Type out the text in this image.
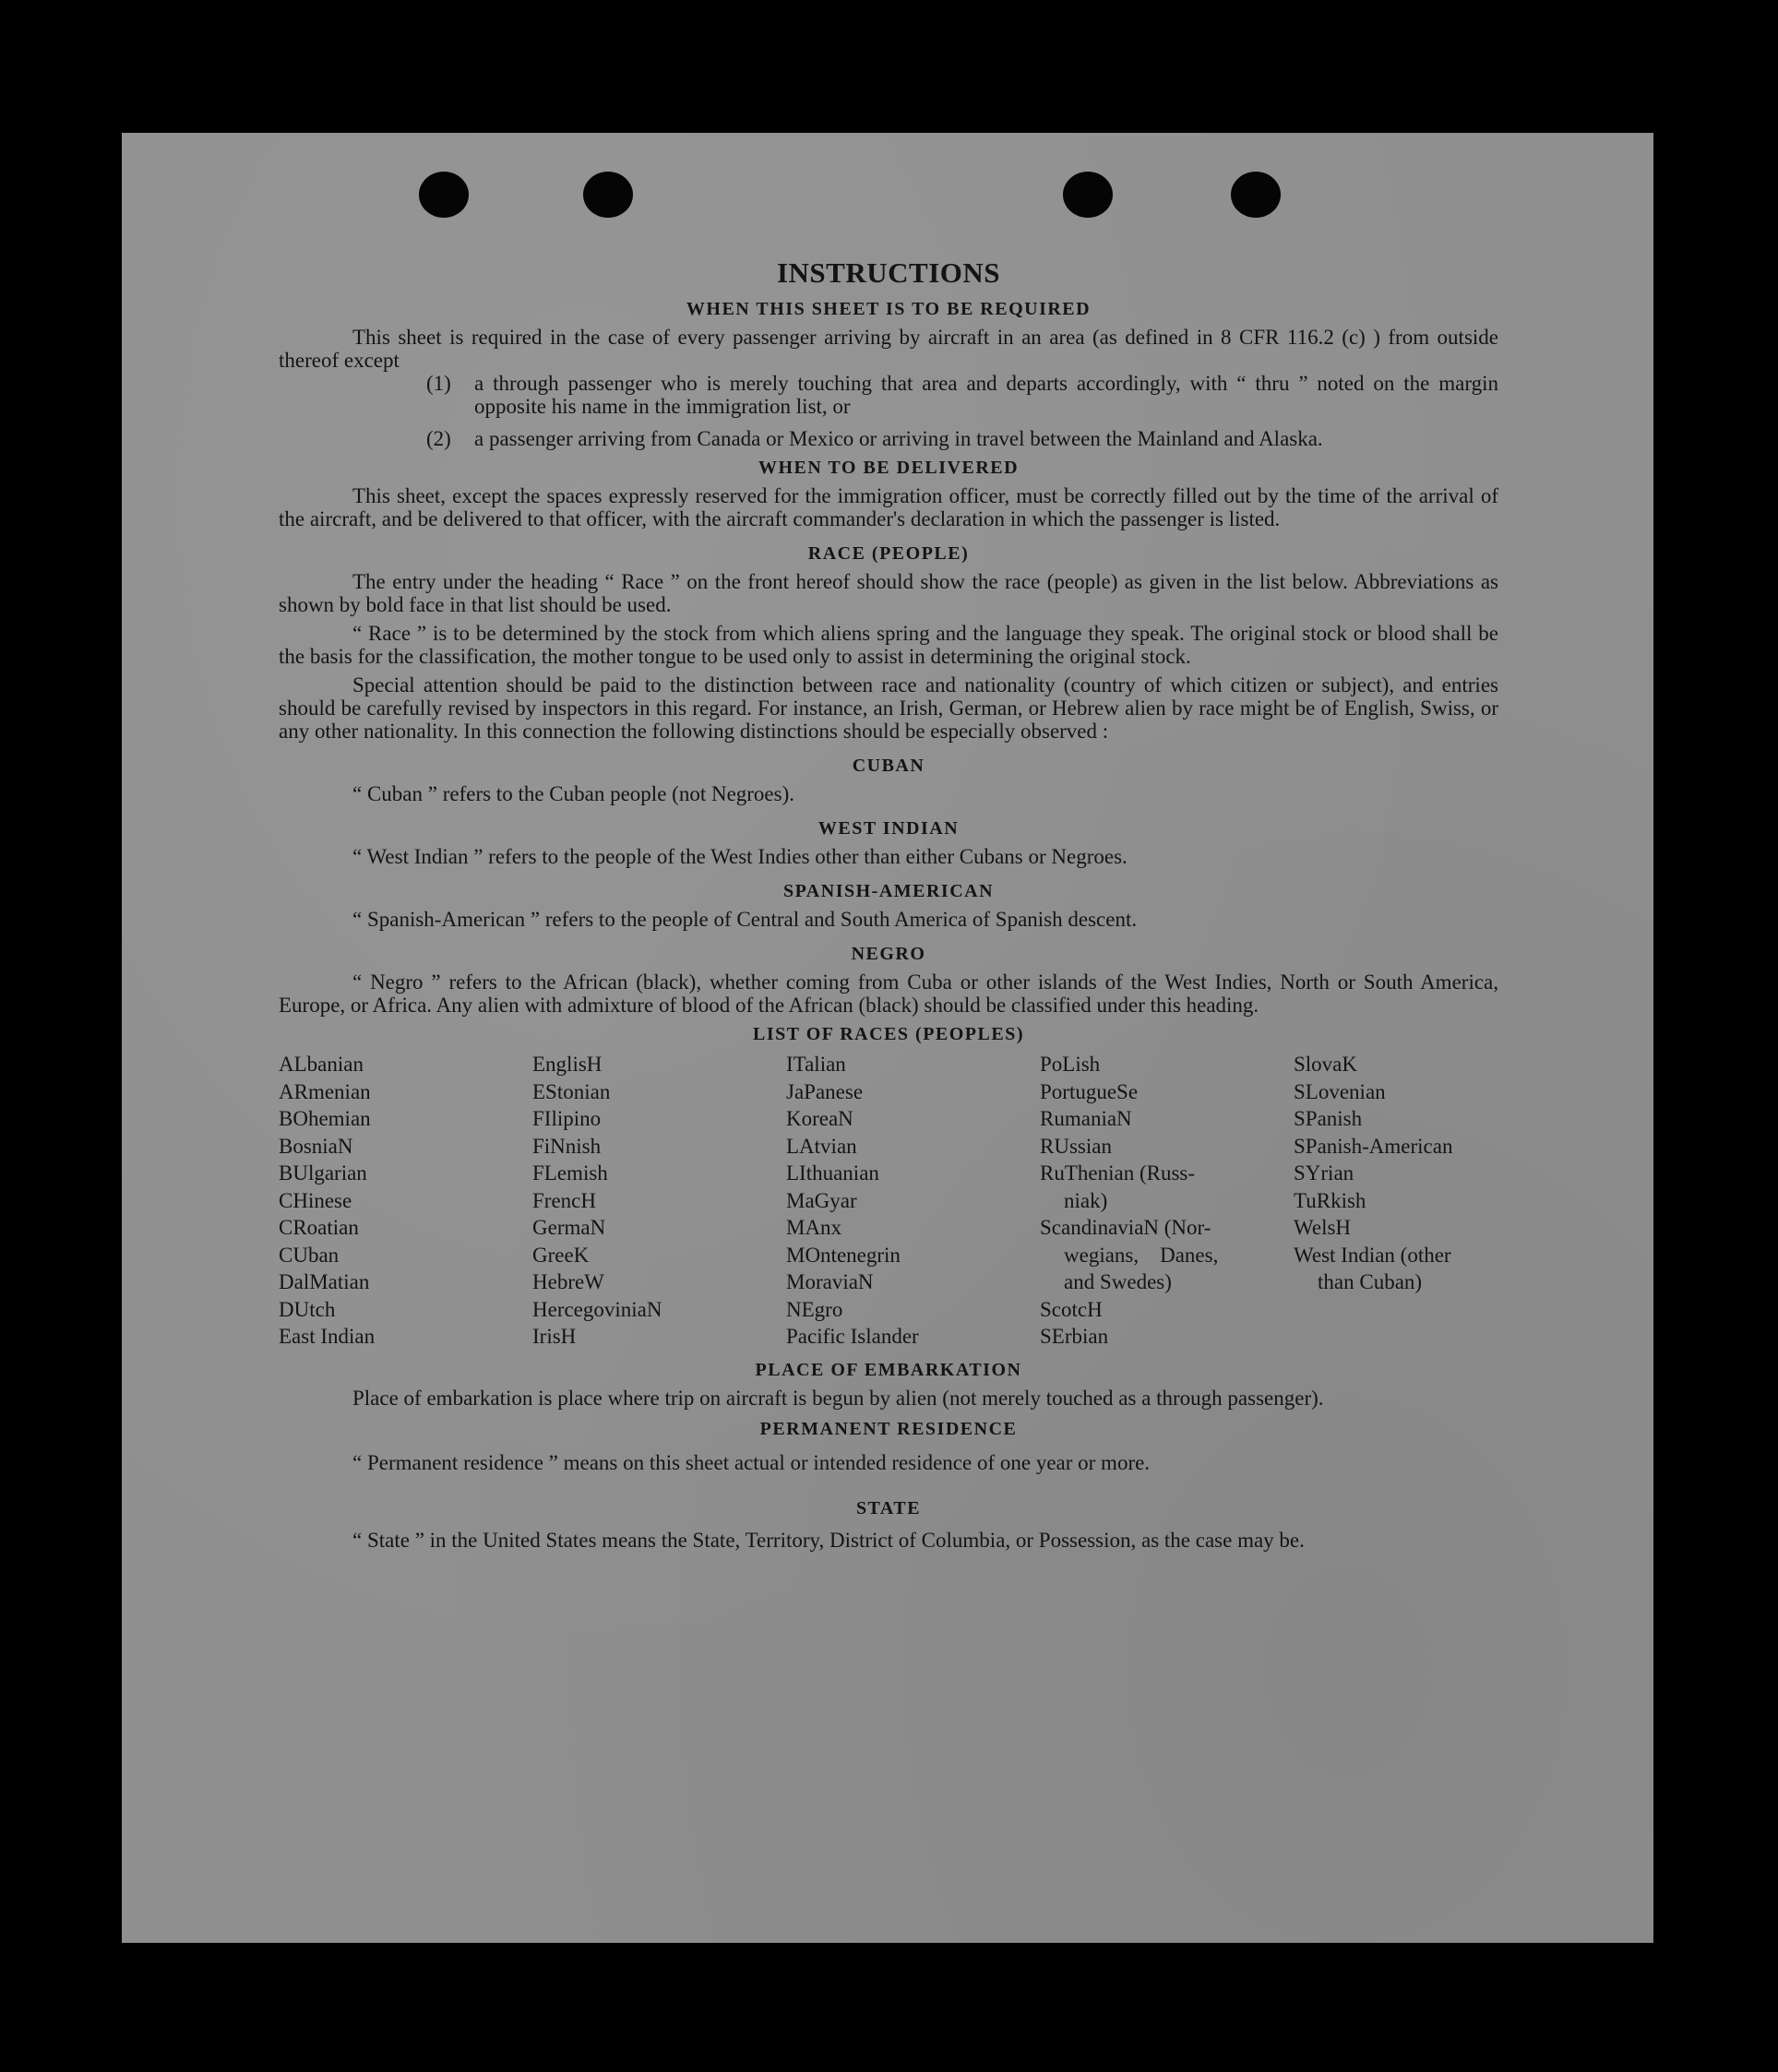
INSTRUCTIONS
WHEN THIS SHEET IS TO BE REQUIRED

This sheet is required in the case of every passenger arriving by aircraft in an area (as defined in 8 CFR 116.2 (c) ) from outside thereof except

(1)	a through passenger who is merely touching that area and departs accordingly, with “ thru ” noted on the margin opposite his name in the immigration list, or
(2)	a passenger arriving from Canada or Mexico or arriving in travel between the Mainland and Alaska.
WHEN TO BE DELIVERED

This sheet, except the spaces expressly reserved for the immigration officer, must be correctly filled out by the time of the arrival of the aircraft, and be delivered to that officer, with the aircraft commander's declaration in which the passenger is listed.

RACE (PEOPLE)

The entry under the heading “ Race ” on the front hereof should show the race (people) as given in the list below. Abbreviations as shown by bold face in that list should be used.

“ Race ” is to be determined by the stock from which aliens spring and the language they speak. The original stock or blood shall be the basis for the classification, the mother tongue to be used only to assist in determining the original stock.

Special attention should be paid to the distinction between race and nationality (country of which citizen or subject), and entries should be carefully revised by inspectors in this regard. For instance, an Irish, German, or Hebrew alien by race might be of English, Swiss, or any other nationality. In this connection the following distinctions should be especially observed :

CUBAN
“ Cuban ” refers to the Cuban people (not Negroes).
WEST INDIAN
“ West Indian ” refers to the people of the West Indies other than either Cubans or Negroes.
SPANISH-AMERICAN
“ Spanish-American ” refers to the people of Central and South America of Spanish descent.
NEGRO

“ Negro ” refers to the African (black), whether coming from Cuba or other islands of the West Indies, North or South America, Europe, or Africa. Any alien with admixture of blood of the African (black) should be classified under this heading.

LIST OF RACES (PEOPLES)
ALbanian
ARmenian
BOhemian
BosniaN
BUlgarian
CHinese
CRoatian
CUban
DalMatian
DUtch
East Indian
EnglisH
EStonian
FIlipino
FiNnish
FLemish
FrencH
GermaN
GreeK
HebreW
HercegoviniaN
IrisH
ITalian
JaPanese
KoreaN
LAtvian
LIthuanian
MaGyar
MAnx
MOntenegrin
MoraviaN
NEgro
Pacific Islander
PoLish
PortugueSe
RumaniaN
RUssian
RuThenian (Russ-
niak)
ScandinaviaN (Nor-
wegians,    Danes,
and Swedes)
ScotcH
SErbian
SlovaK
SLovenian
SPanish
SPanish-American
SYrian
TuRkish
WelsH
West Indian (other
than Cuban)
PLACE OF EMBARKATION

Place of embarkation is place where trip on aircraft is begun by alien (not merely touched as a through passenger).

PERMANENT RESIDENCE
“ Permanent residence ” means on this sheet actual or intended residence of one year or more.
STATE

“ State ” in the United States means the State, Territory, District of Columbia, or Possession, as the case may be.
